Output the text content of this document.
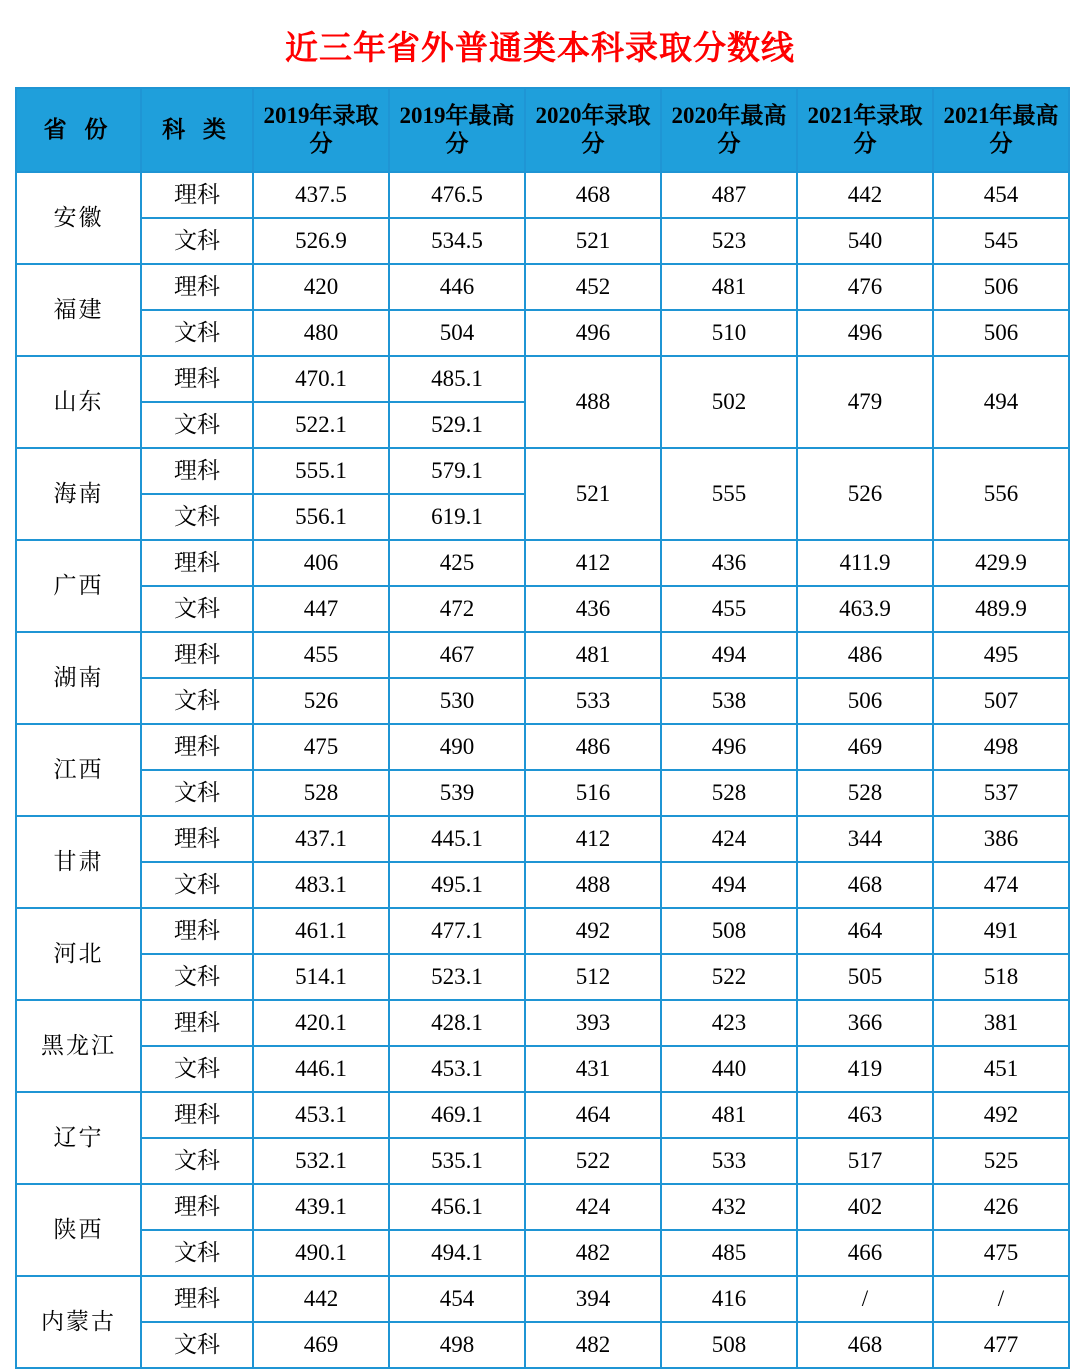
近三年省外普通类本科录取分数线
省 份	科 类	2019年录取分	2019年最高分	2020年录取分	2020年最高分	2021年录取分	2021年最高分
安徽	理科	437.5	476.5	468	487	442	454
	文科	526.9	534.5	521	523	540	545
福建	理科	420	446	452	481	476	506
	文科	480	504	496	510	496	506
山东	理科	470.1	485.1	488	502	479	494
	文科	522.1	529.1				
海南	理科	555.1	579.1	521	555	526	556
	文科	556.1	619.1				
广西	理科	406	425	412	436	411.9	429.9
	文科	447	472	436	455	463.9	489.9
湖南	理科	455	467	481	494	486	495
	文科	526	530	533	538	506	507
江西	理科	475	490	486	496	469	498
	文科	528	539	516	528	528	537
甘肃	理科	437.1	445.1	412	424	344	386
	文科	483.1	495.1	488	494	468	474
河北	理科	461.1	477.1	492	508	464	491
	文科	514.1	523.1	512	522	505	518
黑龙江	理科	420.1	428.1	393	423	366	381
	文科	446.1	453.1	431	440	419	451
辽宁	理科	453.1	469.1	464	481	463	492
	文科	532.1	535.1	522	533	517	525
陕西	理科	439.1	456.1	424	432	402	426
	文科	490.1	494.1	482	485	466	475
内蒙古	理科	442	454	394	416	/	/
	文科	469	498	482	508	468	477
